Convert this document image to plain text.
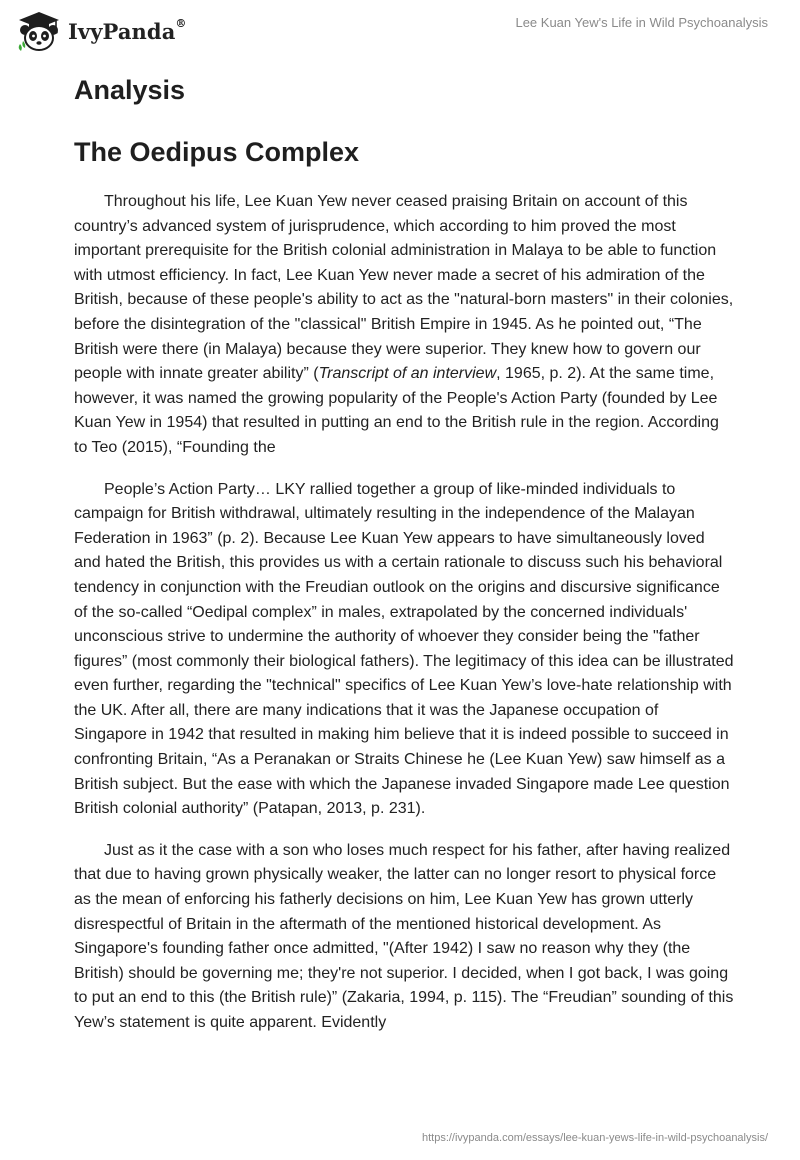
IvyPanda®	Lee Kuan Yew's Life in Wild Psychoanalysis
Analysis
The Oedipus Complex

Throughout his life, Lee Kuan Yew never ceased praising Britain on account of this country’s advanced system of jurisprudence, which according to him proved the most important prerequisite for the British colonial administration in Malaya to be able to function with utmost efficiency. In fact, Lee Kuan Yew never made a secret of his admiration of the British, because of these people's ability to act as the "natural-born masters" in their colonies, before the disintegration of the "classical" British Empire in 1945. As he pointed out, “The British were there (in Malaya) because they were superior. They knew how to govern our people with innate greater ability” (Transcript of an interview, 1965, p. 2). At the same time, however, it was named the growing popularity of the People's Action Party (founded by Lee Kuan Yew in 1954) that resulted in putting an end to the British rule in the region. According to Teo (2015), “Founding the

People’s Action Party… LKY rallied together a group of like-minded individuals to campaign for British withdrawal, ultimately resulting in the independence of the Malayan Federation in 1963” (p. 2). Because Lee Kuan Yew appears to have simultaneously loved and hated the British, this provides us with a certain rationale to discuss such his behavioral tendency in conjunction with the Freudian outlook on the origins and discursive significance of the so-called “Oedipal complex” in males, extrapolated by the concerned individuals' unconscious strive to undermine the authority of whoever they consider being the "father figures” (most commonly their biological fathers). The legitimacy of this idea can be illustrated even further, regarding the "technical" specifics of Lee Kuan Yew’s love-hate relationship with the UK. After all, there are many indications that it was the Japanese occupation of Singapore in 1942 that resulted in making him believe that it is indeed possible to succeed in confronting Britain, “As a Peranakan or Straits Chinese he (Lee Kuan Yew) saw himself as a British subject. But the ease with which the Japanese invaded Singapore made Lee question British colonial authority” (Patapan, 2013, p. 231).

Just as it the case with a son who loses much respect for his father, after having realized that due to having grown physically weaker, the latter can no longer resort to physical force as the mean of enforcing his fatherly decisions on him, Lee Kuan Yew has grown utterly disrespectful of Britain in the aftermath of the mentioned historical development. As Singapore's founding father once admitted, "(After 1942) I saw no reason why they (the British) should be governing me; they're not superior. I decided, when I got back, I was going to put an end to this (the British rule)” (Zakaria, 1994, p. 115). The “Freudian” sounding of this Yew’s statement is quite apparent. Evidently

https://ivypanda.com/essays/lee-kuan-yews-life-in-wild-psychoanalysis/
